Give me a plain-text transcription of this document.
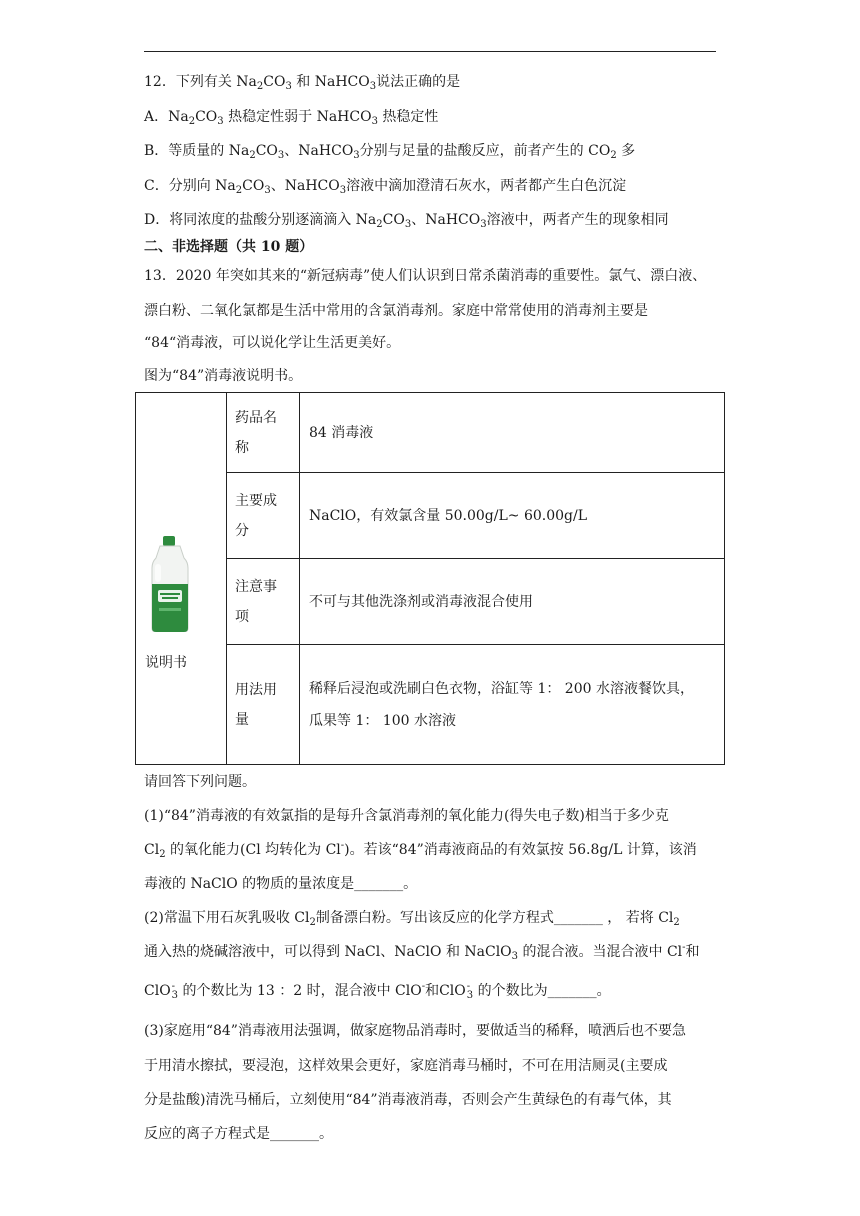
12．下列有关 $Na_2CO_3$ 和 NaHCO$_3$说法正确的是
A．$Na_2CO_3$ 热稳定性弱于 NaHCO$_3$ 热稳定性
B．等质量的 $Na_2CO_3$、NaHCO$_3$分别与足量的盐酸反应，前者产生的 $CO_2$ 多
C．分别向 $Na_2CO_3$、NaHCO$_3$溶液中滴加澄清石灰水，两者都产生白色沉淀
D．将同浓度的盐酸分别逐滴滴入 $Na_2CO_3$、NaHCO$_3$溶液中，两者产生的现象相同
二、非选择题（共 10 题）
13．2020 年突如其来的“新冠病毒”使人们认识到日常杀菌消毒的重要性。氯气、漂白液、
漂白粉、二氧化氯都是生活中常用的含氯消毒剂。家庭中常常使用的消毒剂主要是
“84“消毒液，可以说化学让生活更美好。
图为“84”消毒液说明书。
说明书	药品名
称	84 消毒液
	主要成
分	NaClO，有效氯含量 50.00g/L~ 60.00g/L
	注意事
项	不可与其他洗涤剂或消毒液混合使用
	用法用
量	稀释后浸泡或洗刷白色衣物，浴缸等 1： 200 水溶液餐饮具，
瓜果等 1： 100 水溶液
请回答下列问题。
(1)“84”消毒液的有效氯指的是每升含氯消毒剂的氧化能力(得失电子数)相当于多少克
$Cl_2$ 的氧化能力(Cl 均转化为 Cl-)。若该“84”消毒液商品的有效氯按 56.8g/L 计算，该消
毒液的 NaClO 的物质的量浓度是_______。
(2)常温下用石灰乳吸收 $Cl_2$制备漂白粉。写出该反应的化学方程式_______ ， 若将 $Cl_2$
通入热的烧碱溶液中，可以得到 NaCl、NaClO 和 NaClO$_3$ 的混合液。当混合液中 Cl-和
ClO -
3 的个数比为 13 ：2 时，混合液中 ClO-和ClO -
3 的个数比为_______。
(3)家庭用“84”消毒液用法强调，做家庭物品消毒时，要做适当的稀释，喷洒后也不要急
于用清水擦拭，要浸泡，这样效果会更好，家庭消毒马桶时，不可在用洁厕灵(主要成
分是盐酸)清洗马桶后，立刻使用“84”消毒液消毒，否则会产生黄绿色的有毒气体，其
反应的离子方程式是_______。
